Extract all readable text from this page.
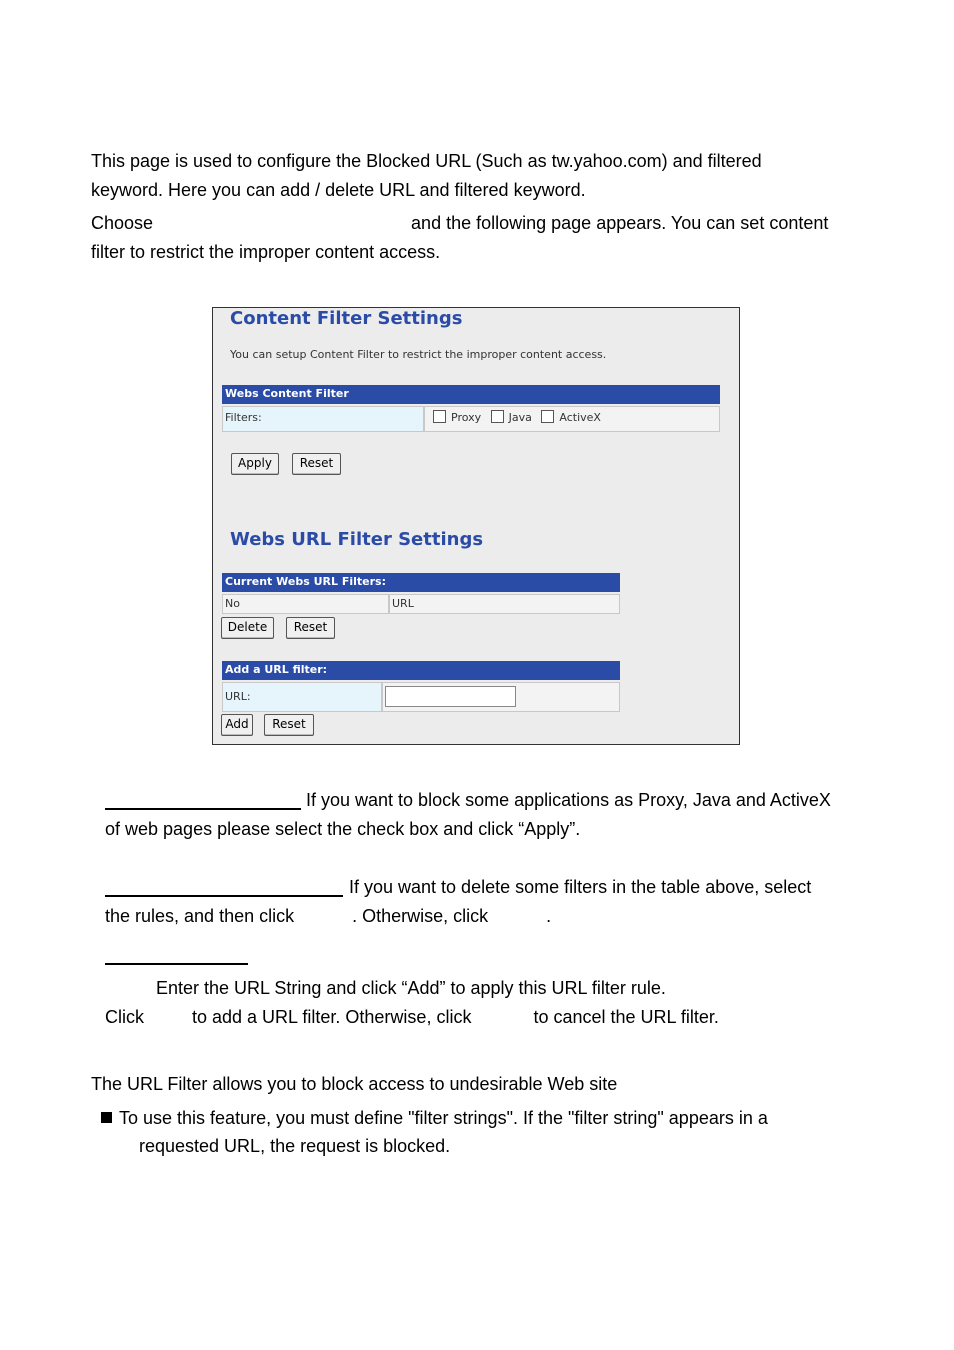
This page is used to configure the Blocked URL (Such as tw.yahoo.com) and filtered

keyword. Here you can add / delete URL and filtered keyword.

Choose	and the following page appears. You can set content

filter to restrict the improper content access.

Content Filter Settings
You can setup Content Filter to restrict the improper content access.
Webs Content Filter
Filters:	Proxy	Java	ActiveX
Apply	Reset
Webs URL Filter Settings
Current Webs URL Filters:
No	URL
Delete	Reset
Add a URL filter:
URL:
Add	Reset

If you want to block some applications as Proxy, Java and ActiveX

of web pages please select the check box and click “Apply”.

If you want to delete some filters in the table above, select

the rules, and then click	. Otherwise, click	.

Enter the URL String and click “Add” to apply this URL filter rule.

Click	to add a URL filter. Otherwise, click	to cancel the URL filter.

The URL Filter allows you to block access to undesirable Web site

To use this feature, you must define "filter strings". If the "filter string" appears in a

requested URL, the request is blocked.
